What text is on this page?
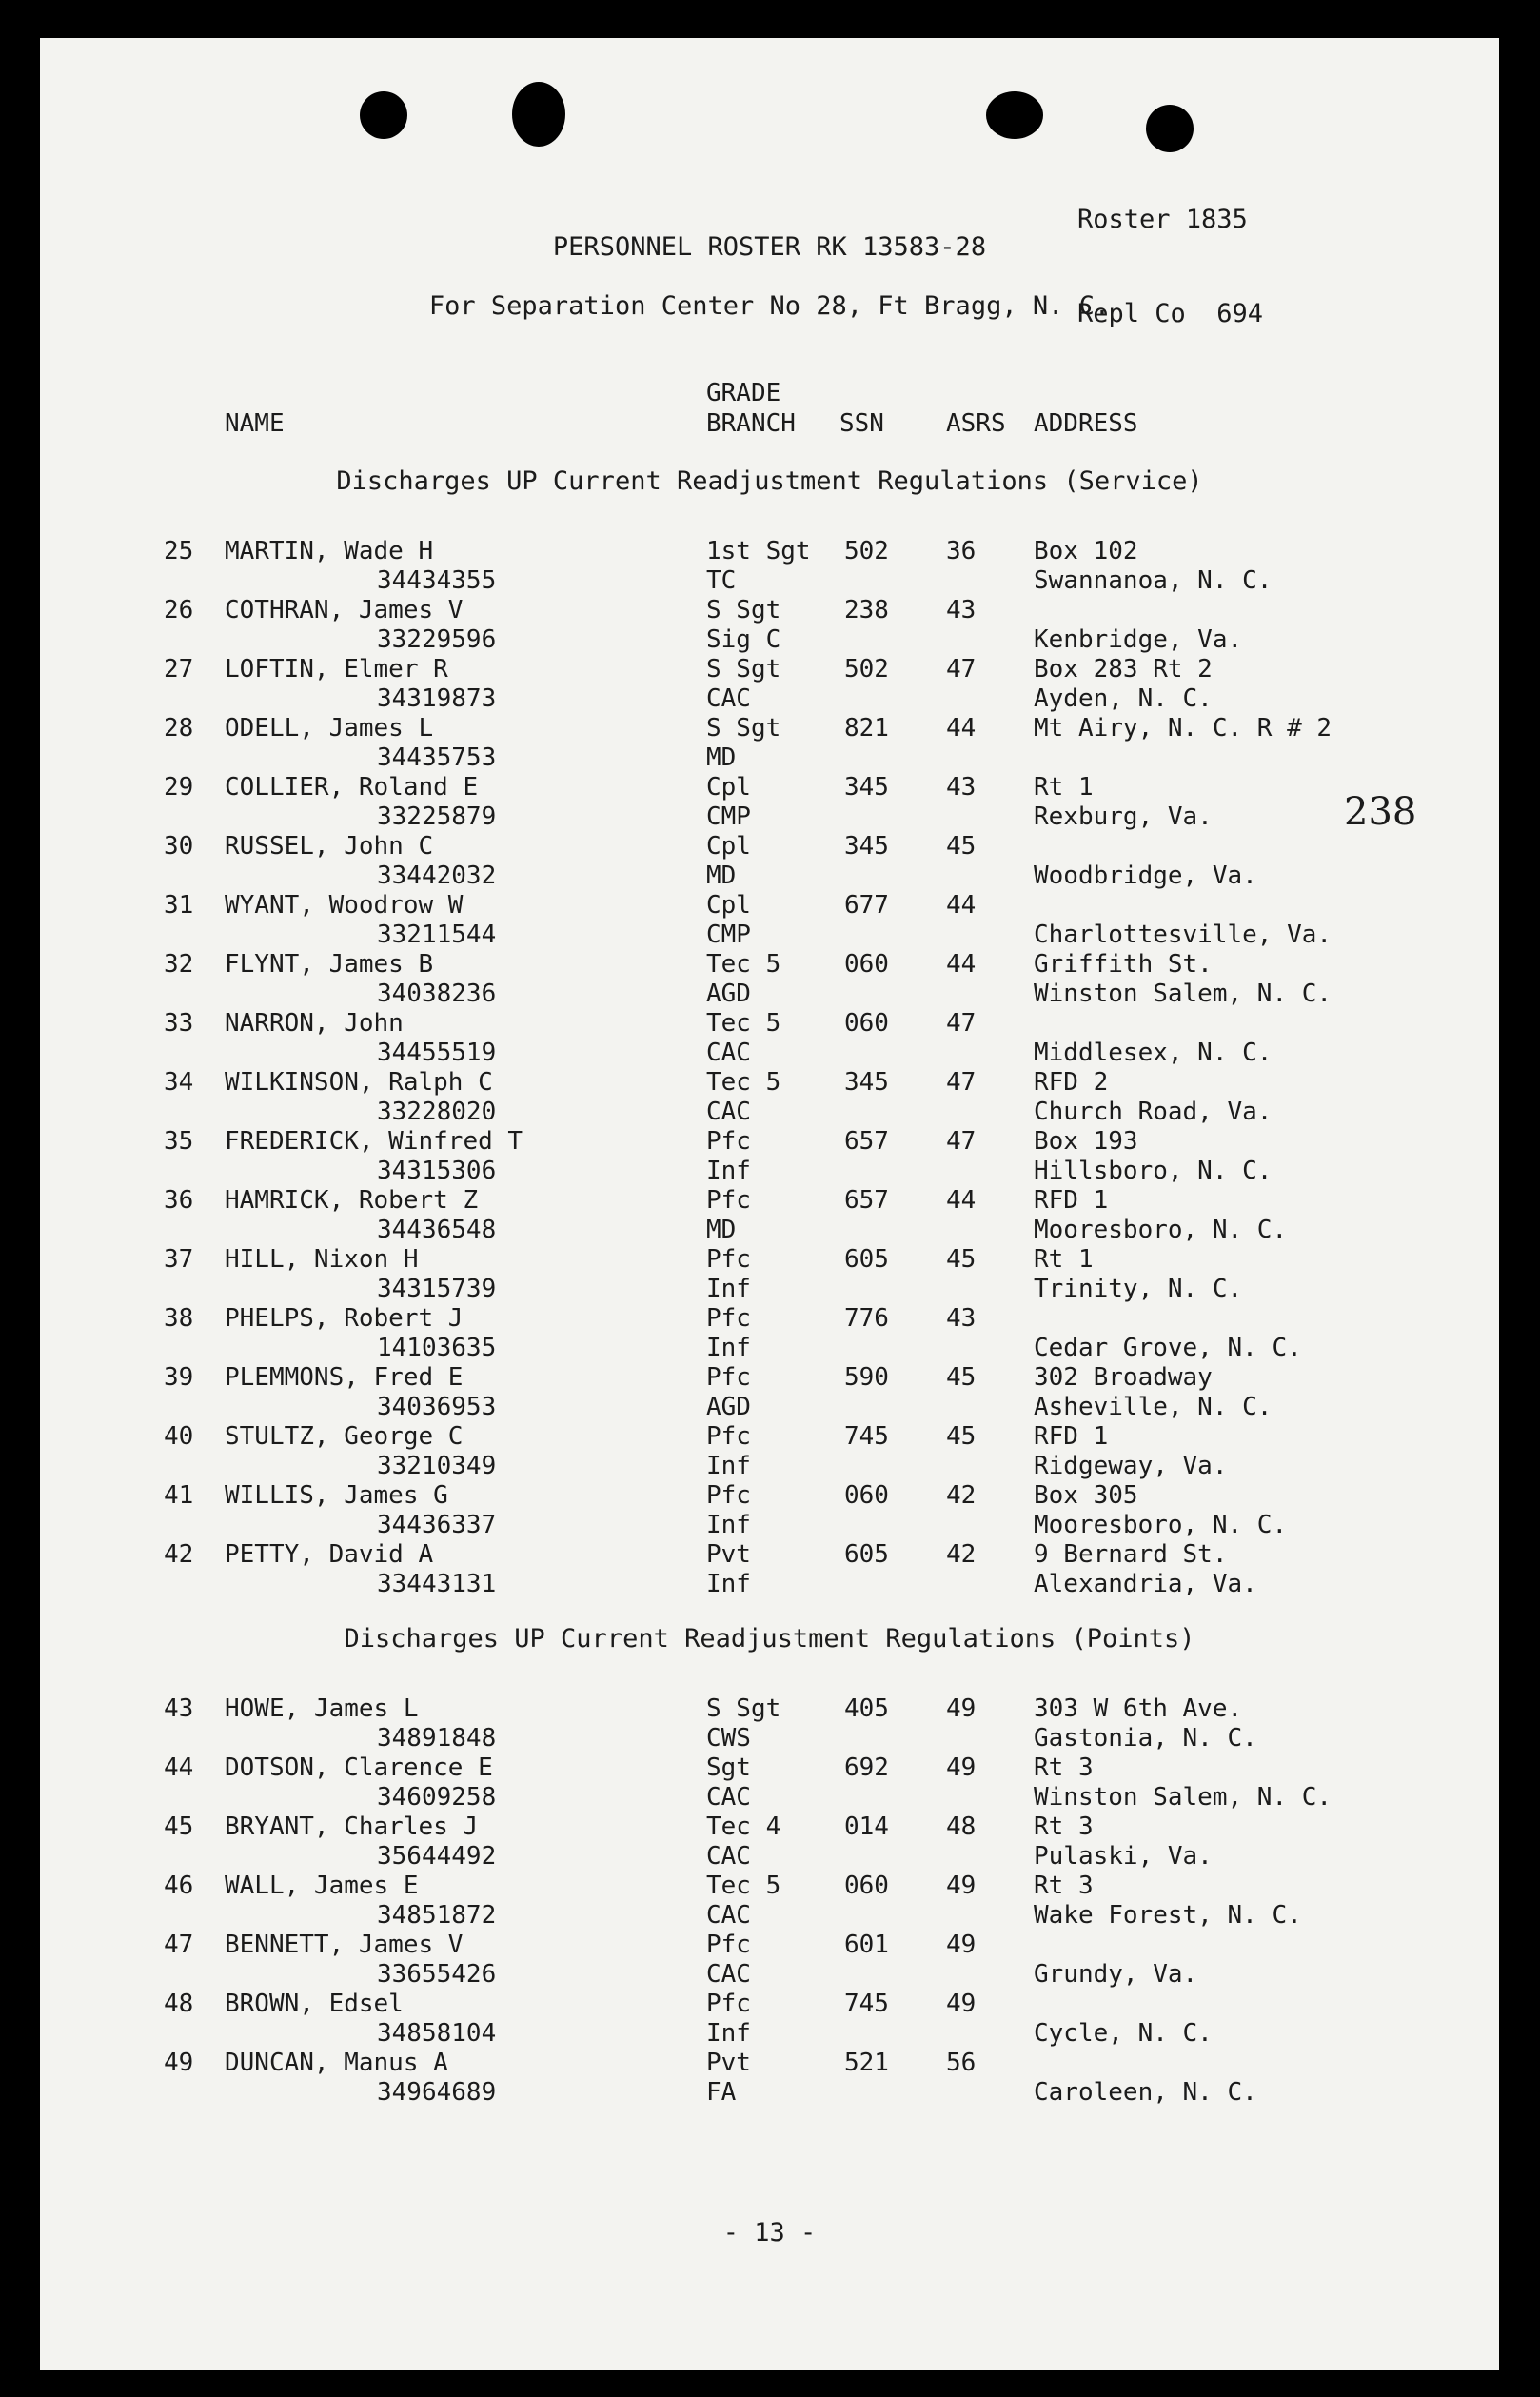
Roster 1835

Repl Co  694

PERSONNEL ROSTER RK 13583-28
For Separation Center No 28, Ft Bragg, N. C.
NAME
GRADE
BRANCH SSN	ASRS ADDRESS
Discharges UP Current Readjustment Regulations (Service)
25 MARTIN, Wade H
34434355
1st Sgt
TC
502 36 Box 102
Swannanoa, N. C.
26 COTHRAN, James V
33229596
S Sgt
Sig C
238 43
Kenbridge, Va.
27 LOFTIN, Elmer R
34319873
S Sgt
CAC
502 47 Box 283 Rt 2
Ayden, N. C.
28 ODELL, James L
34435753
S Sgt
MD
821 44 Mt Airy, N. C. R # 2
29 COLLIER, Roland E
33225879
Cpl
CMP
345 43 Rt 1
Rexburg, Va.
30 RUSSEL, John C
33442032
Cpl
MD
345 45
Woodbridge, Va.
31 WYANT, Woodrow W
33211544
Cpl
CMP
677 44
Charlottesville, Va.
32 FLYNT, James B
34038236
Tec 5
AGD
060 44 Griffith St.
Winston Salem, N. C.
33 NARRON, John
34455519
Tec 5
CAC
060 47
Middlesex, N. C.
34 WILKINSON, Ralph C
33228020
Tec 5
CAC
345 47 RFD 2
Church Road, Va.
35 FREDERICK, Winfred T
34315306
Pfc
Inf
657 47 Box 193
Hillsboro, N. C.
36 HAMRICK, Robert Z
34436548
Pfc
MD
657 44 RFD 1
Mooresboro, N. C.
37 HILL, Nixon H
34315739
Pfc
Inf
605 45 Rt 1
Trinity, N. C.
38 PHELPS, Robert J
14103635
Pfc
Inf
776 43
Cedar Grove, N. C.
39 PLEMMONS, Fred E
34036953
Pfc
AGD
590 45 302 Broadway
Asheville, N. C.
40 STULTZ, George C
33210349
Pfc
Inf
745 45 RFD 1
Ridgeway, Va.
41 WILLIS, James G
34436337
Pfc
Inf
060 42 Box 305
Mooresboro, N. C.
42 PETTY, David A
33443131
Pvt
Inf
605 42 9 Bernard St.
Alexandria, Va.
Discharges UP Current Readjustment Regulations (Points)
43 HOWE, James L
34891848
S Sgt
CWS
405 49 303 W 6th Ave.
Gastonia, N. C.
44 DOTSON, Clarence E
34609258
Sgt
CAC
692 49 Rt 3
Winston Salem, N. C.
45 BRYANT, Charles J
35644492
Tec 4
CAC
014 48 Rt 3
Pulaski, Va.
46 WALL, James E
34851872
Tec 5
CAC
060 49 Rt 3
Wake Forest, N. C.
47 BENNETT, James V
33655426
Pfc
CAC
601 49
Grundy, Va.
48 BROWN, Edsel
34858104
Pfc
Inf
745 49
Cycle, N. C.
49 DUNCAN, Manus A
34964689
Pvt
FA
521 56
Caroleen, N. C.
238
- 13 -
